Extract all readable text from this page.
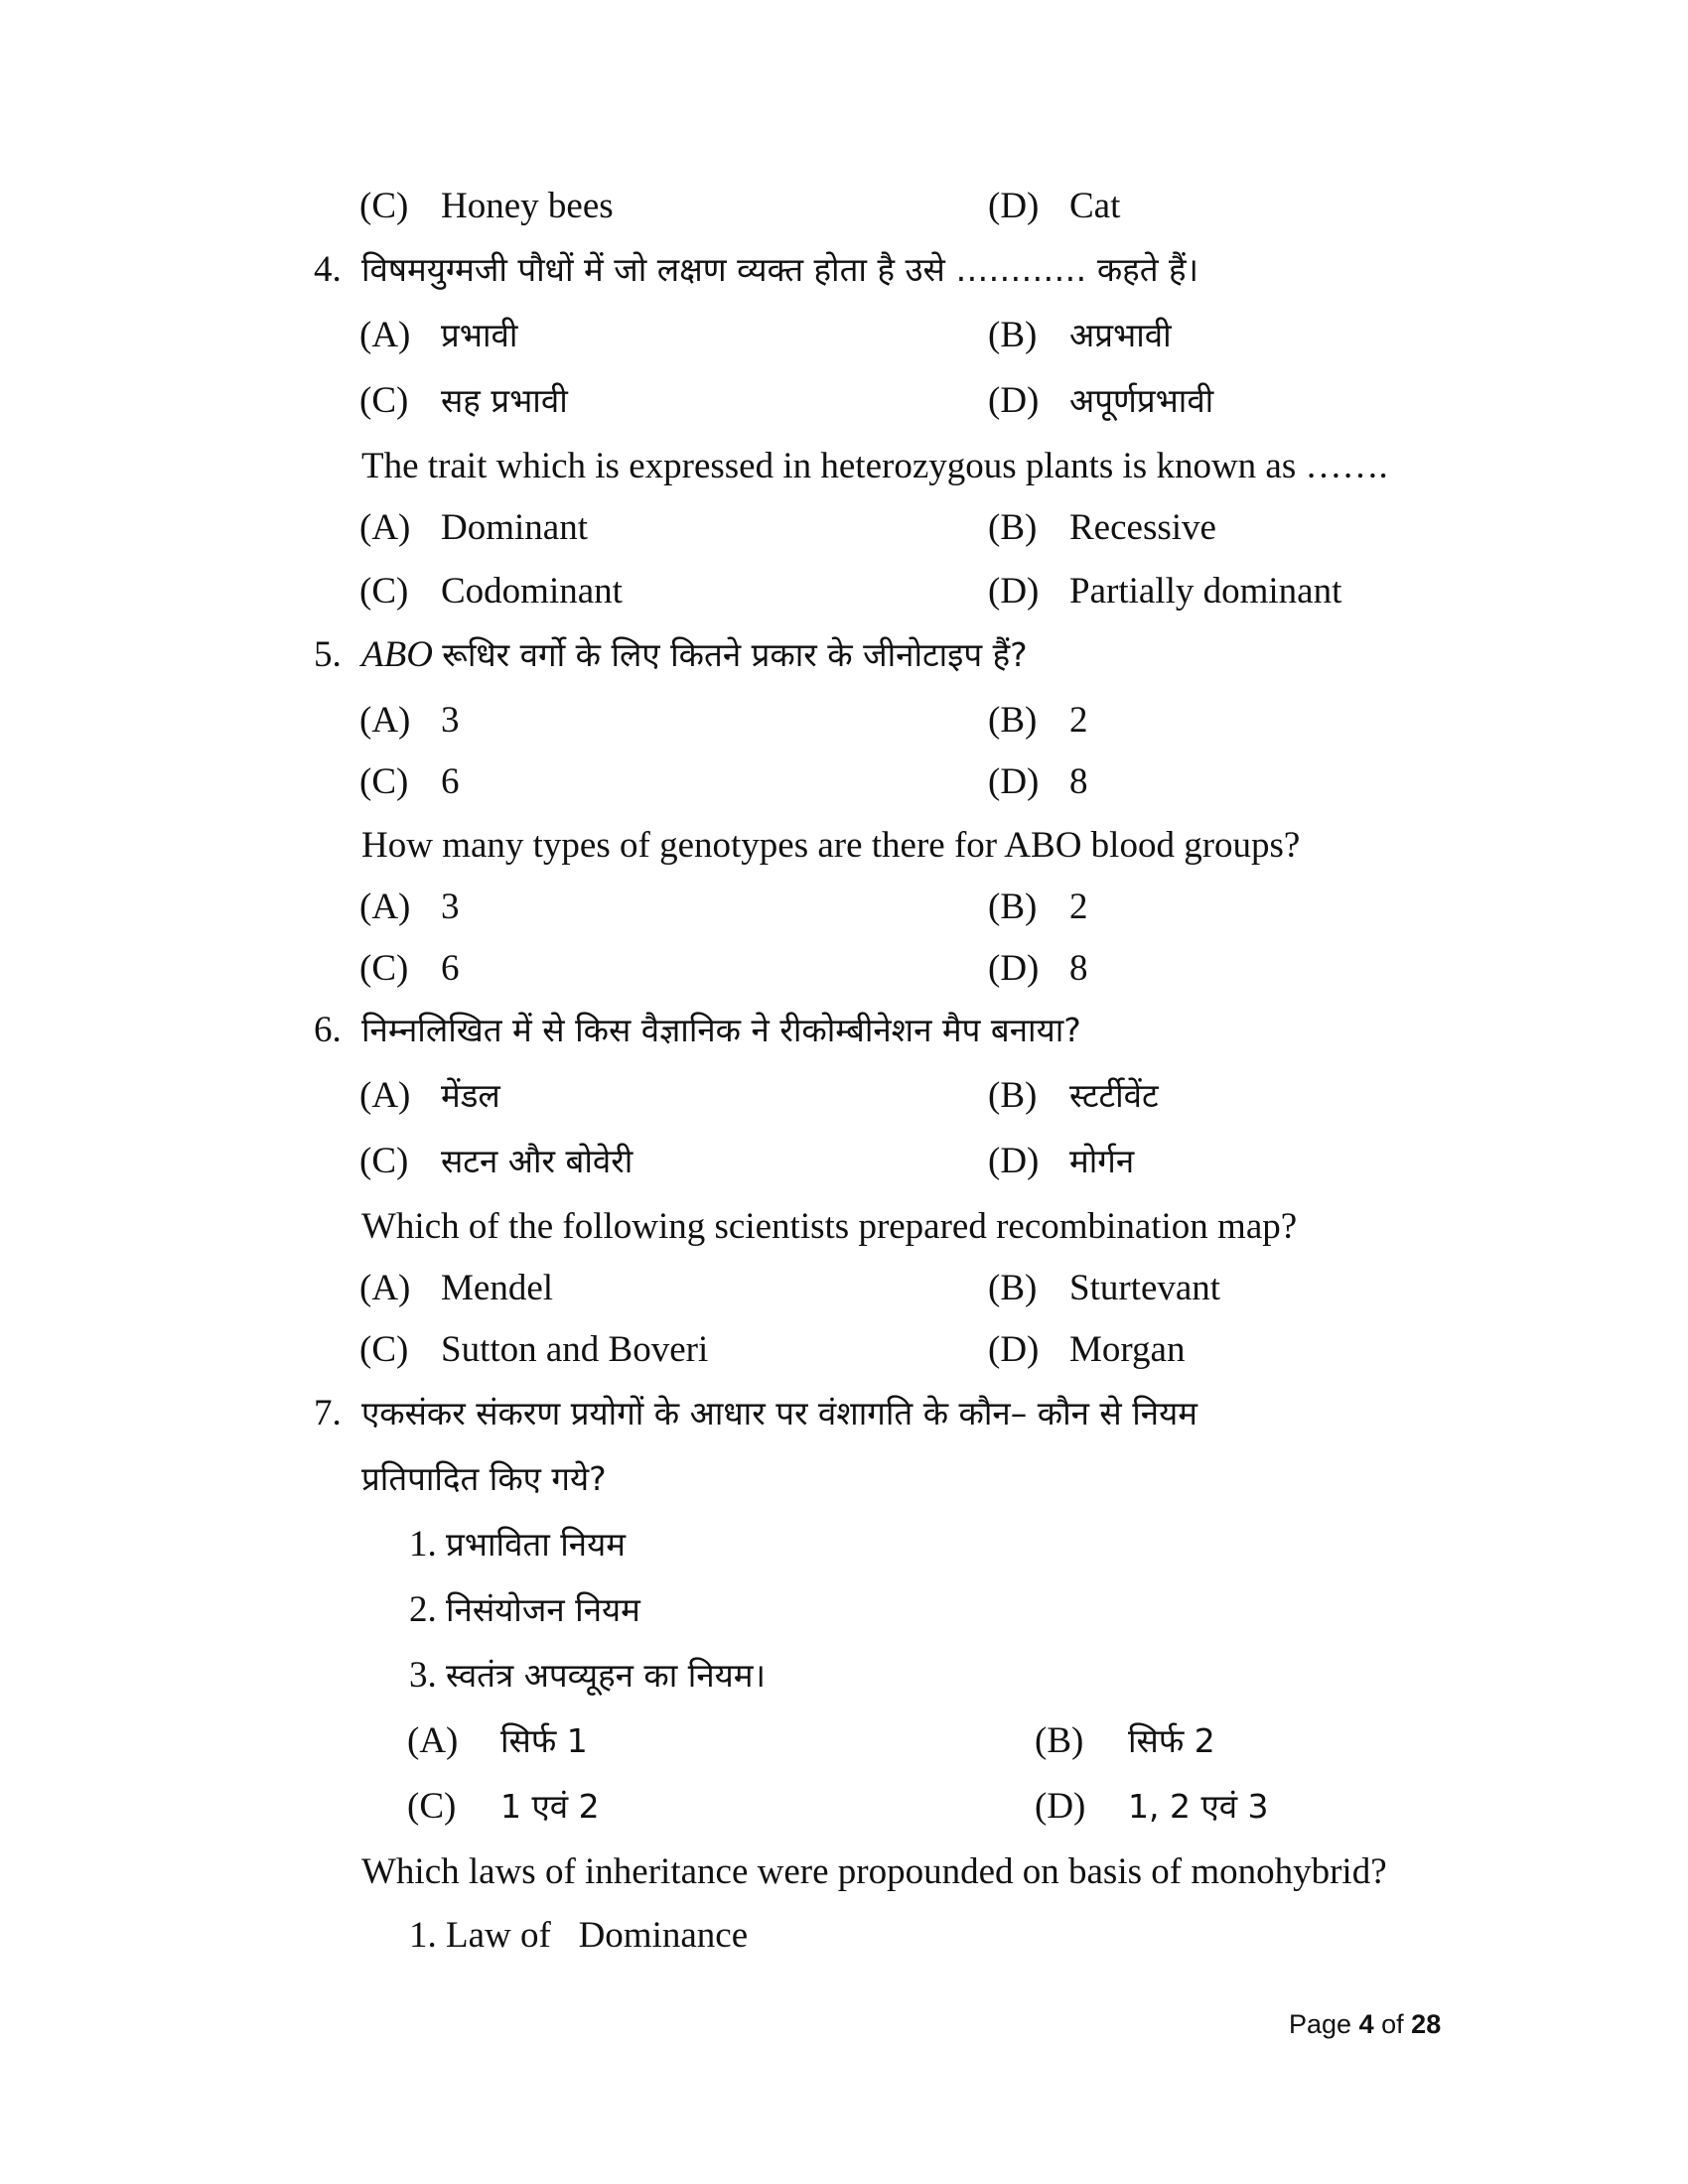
(C) Honey bees	(D) Cat
4. विषमयुग्मजी पौधों में जो लक्षण व्यक्त होता है उसे ………… कहते हैं।
(A) प्रभावी	(B) अप्रभावी
(C) सह प्रभावी	(D) अपूर्णप्रभावी
The trait which is expressed in heterozygous plants is known as …….
(A) Dominant	(B) Recessive
(C) Codominant	(D) Partially dominant
5. ABO रूधिर वर्गो के लिए कितने प्रकार के जीनोटाइप हैं?
(A) 3	(B) 2
(C) 6	(D) 8
How many types of genotypes are there for ABO blood groups?
(A) 3	(B) 2
(C) 6	(D) 8
6. निम्नलिखित में से किस वैज्ञानिक ने रीकोम्बीनेशन मैप बनाया?
(A) मेंडल	(B) स्टर्टीवेंट
(C) सटन और बोवेरी	(D) मोर्गन
Which of the following scientists prepared recombination map?
(A) Mendel	(B) Sturtevant
(C) Sutton and Boveri	(D) Morgan
7. एकसंकर संकरण प्रयोगों के आधार पर वंशागति के कौन– कौन से नियम
प्रतिपादित किए गये?
1. प्रभाविता नियम
2. निसंयोजन नियम
3. स्वतंत्र अपव्यूहन का नियम।
(A) सिर्फ 1	(B) सिर्फ 2
(C) 1 एवं 2	(D) 1, 2 एवं 3
Which laws of inheritance were propounded on basis of monohybrid?
1. Law of   Dominance
Page 4 of 28
